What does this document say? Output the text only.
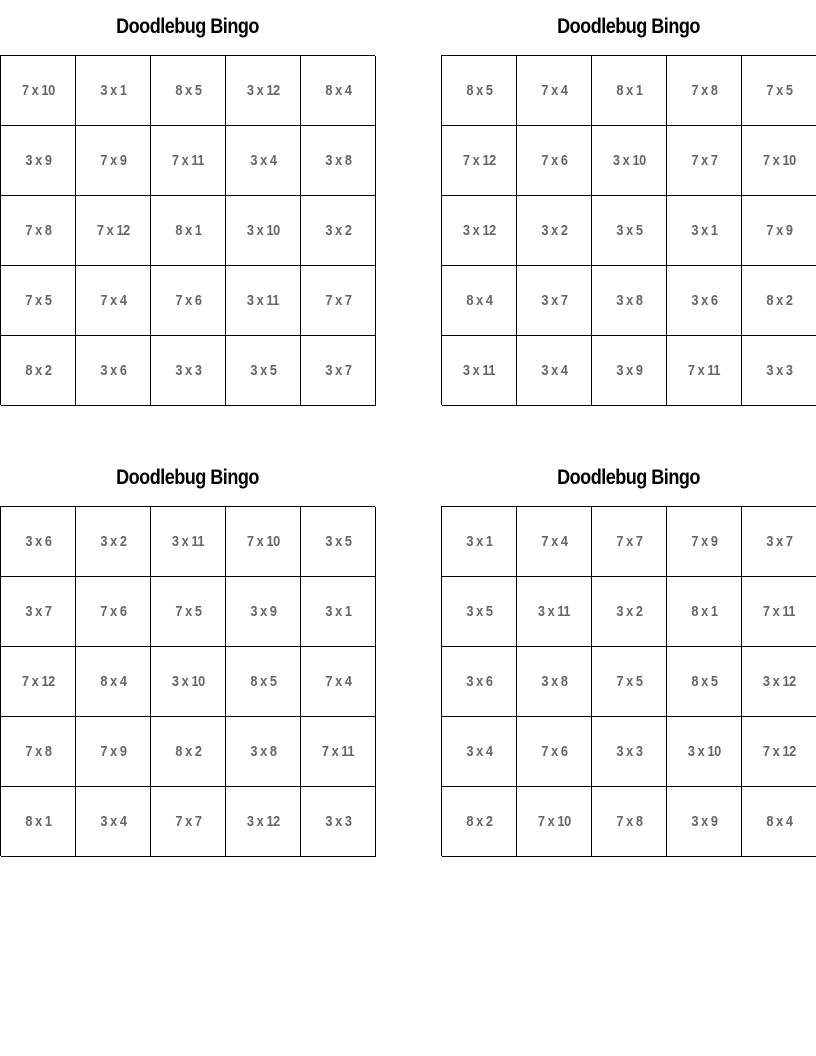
Doodlebug Bingo
7 x 10	3 x 1	8 x 5	3 x 12	8 x 4
3 x 9	7 x 9	7 x 11	3 x 4	3 x 8
7 x 8	7 x 12	8 x 1	3 x 10	3 x 2
7 x 5	7 x 4	7 x 6	3 x 11	7 x 7
8 x 2	3 x 6	3 x 3	3 x 5	3 x 7
Doodlebug Bingo
8 x 5	7 x 4	8 x 1	7 x 8	7 x 5
7 x 12	7 x 6	3 x 10	7 x 7	7 x 10
3 x 12	3 x 2	3 x 5	3 x 1	7 x 9
8 x 4	3 x 7	3 x 8	3 x 6	8 x 2
3 x 11	3 x 4	3 x 9	7 x 11	3 x 3
Doodlebug Bingo
3 x 6	3 x 2	3 x 11	7 x 10	3 x 5
3 x 7	7 x 6	7 x 5	3 x 9	3 x 1
7 x 12	8 x 4	3 x 10	8 x 5	7 x 4
7 x 8	7 x 9	8 x 2	3 x 8	7 x 11
8 x 1	3 x 4	7 x 7	3 x 12	3 x 3
Doodlebug Bingo
3 x 1	7 x 4	7 x 7	7 x 9	3 x 7
3 x 5	3 x 11	3 x 2	8 x 1	7 x 11
3 x 6	3 x 8	7 x 5	8 x 5	3 x 12
3 x 4	7 x 6	3 x 3	3 x 10	7 x 12
8 x 2	7 x 10	7 x 8	3 x 9	8 x 4
